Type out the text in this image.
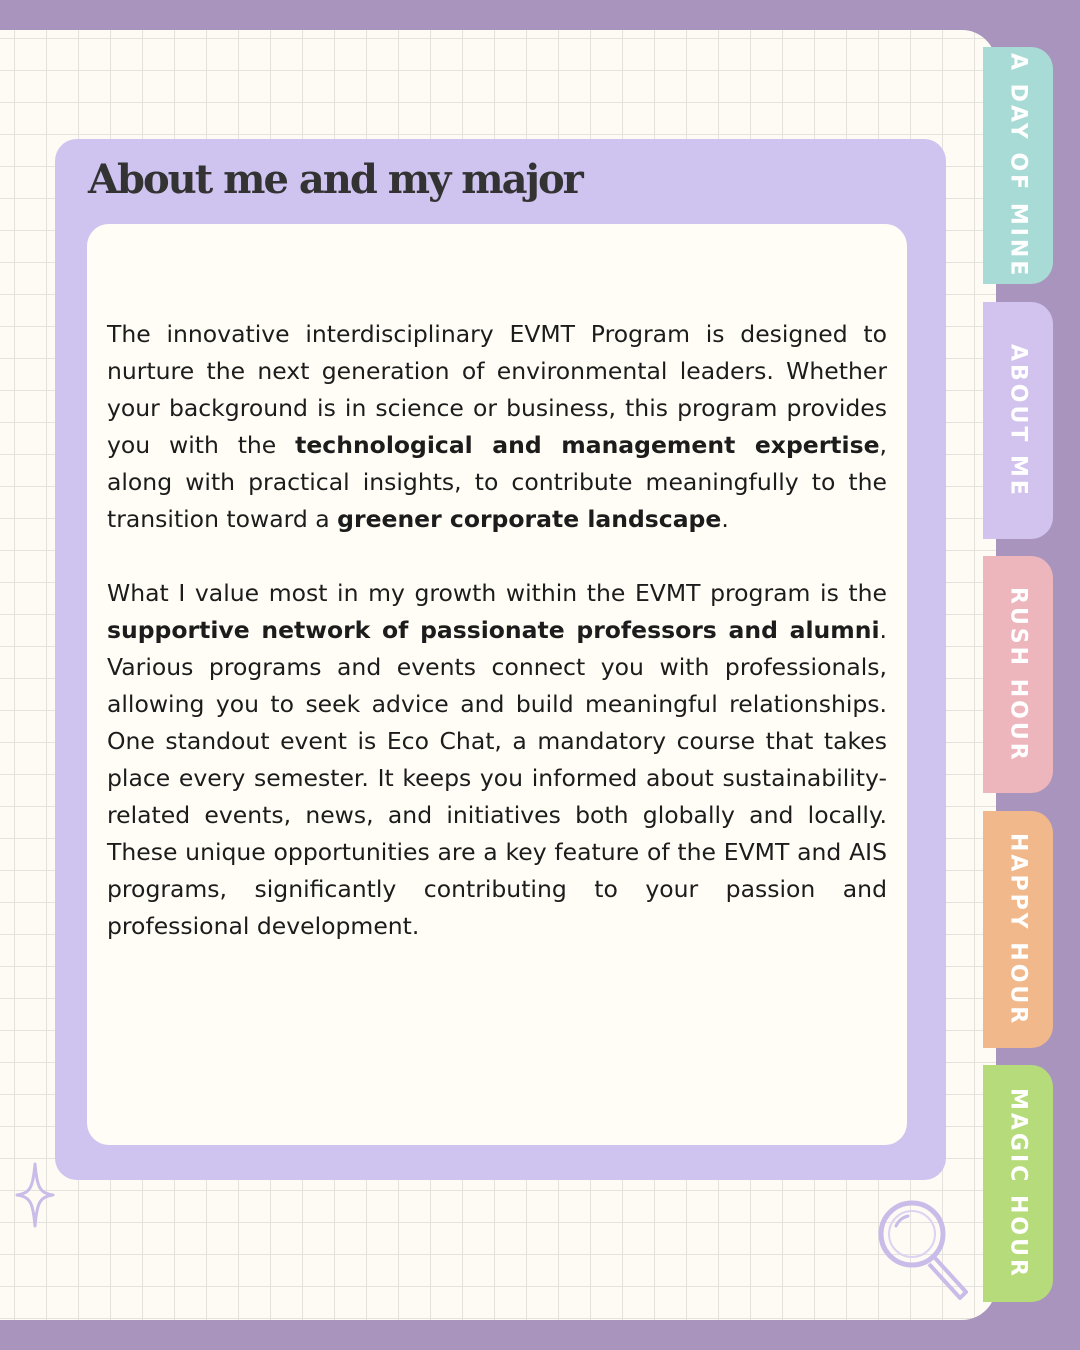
A DAY OF MINE
ABOUT ME
RUSH HOUR
HAPPY HOUR
MAGIC HOUR
About me and my major

The innovative interdisciplinary EVMT Program is designed to nurture the next generation of environmental leaders. Whether your background is in science or business, this program provides you with the technological and management expertise, along with practical insights, to contribute meaningfully to the transition toward a greener corporate landscape.

What I value most in my growth within the EVMT program is the supportive network of passionate professors and alumni. Various programs and events connect you with professionals, allowing you to seek advice and build meaningful relationships. One standout event is Eco Chat, a mandatory course that takes place every semester. It keeps you informed about sustainability-related events, news, and initiatives both globally and locally. These unique opportunities are a key feature of the EVMT and AIS programs, significantly contributing to your passion and professional development.
